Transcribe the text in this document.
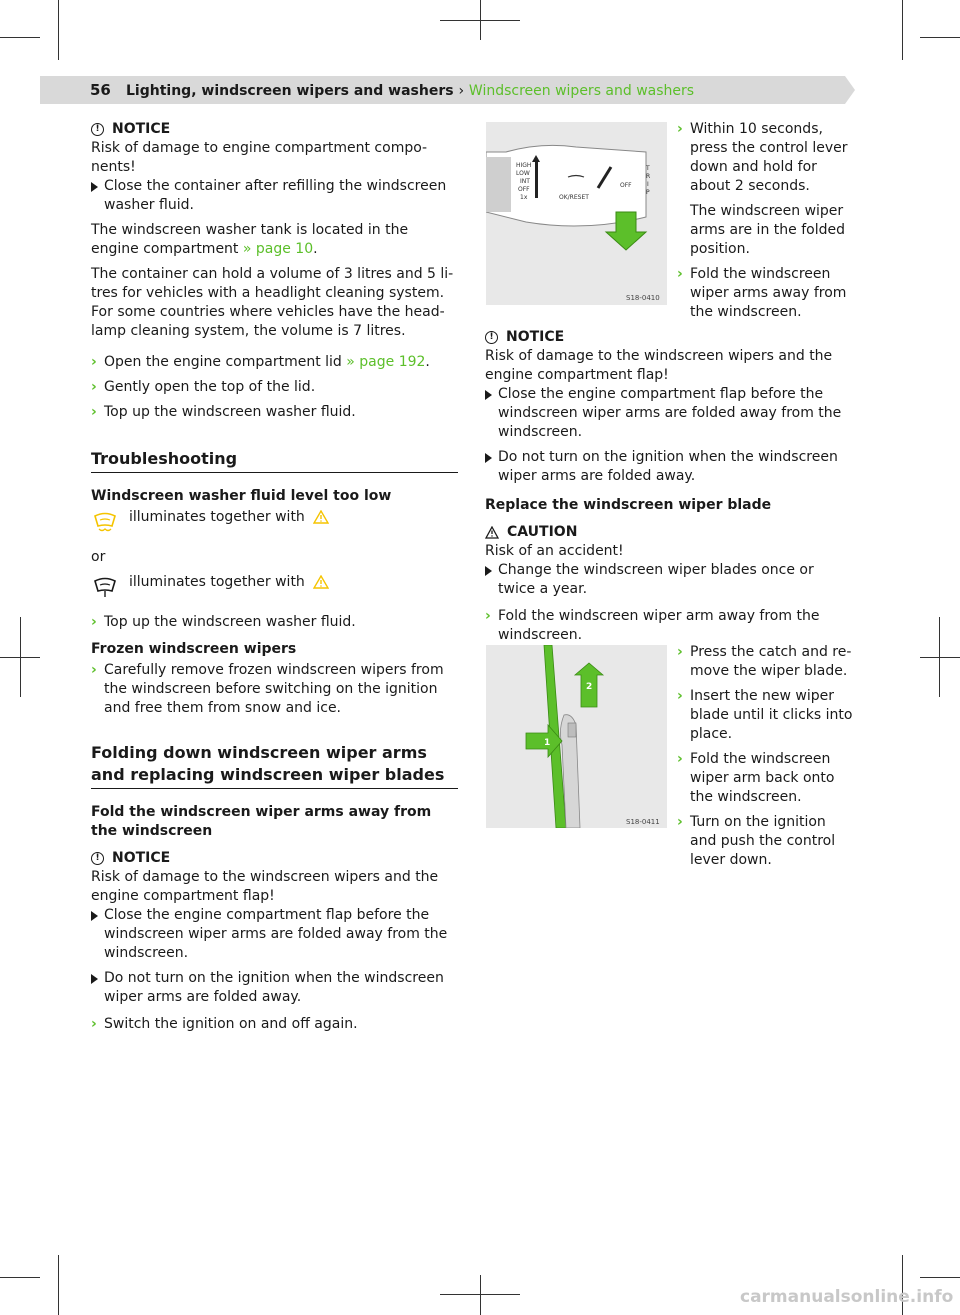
56 Lighting, windscreen wipers and washers › Windscreen wipers and washers
! NOTICE

Risk of damage to engine compartment compo-nents!

Close the container after refilling the windscreen washer fluid.

The windscreen washer tank is located in the engine compartment » page 10.

The container can hold a volume of 3 litres and 5 li-tres for vehicles with a headlight cleaning system. For some countries where vehicles have the head-lamp cleaning system, the volume is 7 litres.

› Open the engine compartment lid » page 192.
› Gently open the top of the lid.
› Top up the windscreen washer fluid.
Troubleshooting
Windscreen washer fluid level too low
illuminates together with

or

illuminates together with
› Top up the windscreen washer fluid.
Frozen windscreen wipers
› Carefully remove frozen windscreen wipers from the windscreen before switching on the ignition and free them from snow and ice.
Folding down windscreen wiper arms and replacing windscreen wiper blades
Fold the windscreen wiper arms away from the windscreen
! NOTICE

Risk of damage to the windscreen wipers and the engine compartment flap!

Close the engine compartment flap before the windscreen wiper arms are folded away from the windscreen.
Do not turn on the ignition when the windscreen wiper arms are folded away.
› Switch the ignition on and off again.
HIGH
LOW
INT
OFF
1x	OK/RESET
OFF
T
R
I
P
S18-0410
› Within 10 seconds, press the control lever down and hold for about 2 seconds.

The windscreen wiper arms are in the folded position.

› Fold the windscreen wiper arms away from the windscreen.
! NOTICE

Risk of damage to the windscreen wipers and the engine compartment flap!

Close the engine compartment flap before the windscreen wiper arms are folded away from the windscreen.
Do not turn on the ignition when the windscreen wiper arms are folded away.
Replace the windscreen wiper blade
CAUTION

Risk of an accident!

Change the windscreen wiper blades once or twice a year.
› Fold the windscreen wiper arm away from the windscreen.
2
1
S18-0411
› Press the catch and re-move the wiper blade.
› Insert the new wiper blade until it clicks into place.
› Fold the windscreen wiper arm back onto the windscreen.
› Turn on the ignition and push the control lever down.
carmanualsonline.info
